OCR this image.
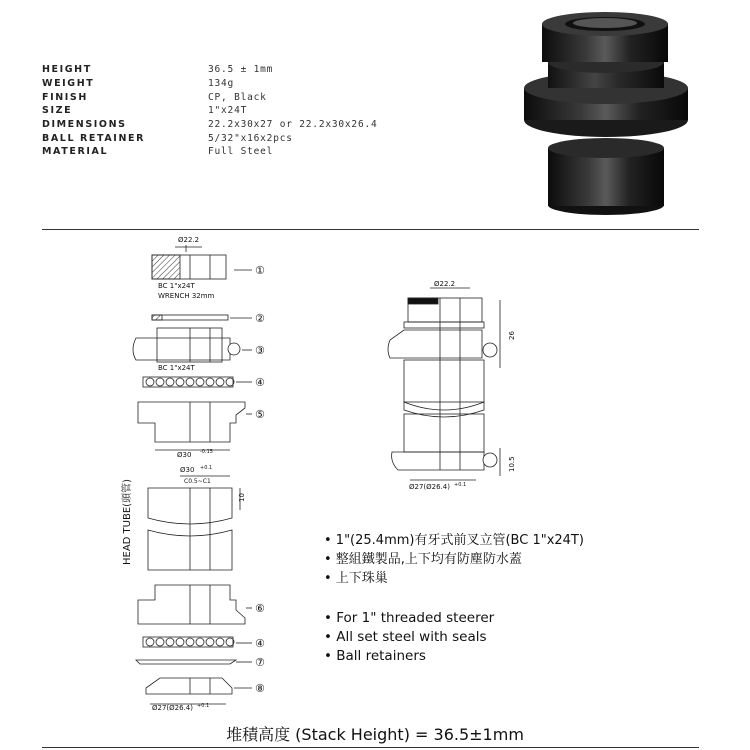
HEIGHT	36.5 ± 1mm
WEIGHT	134g
FINISH	CP, Black
SIZE	1"x24T
DIMENSIONS	22.2x30x27 or 22.2x30x26.4
BALL RETAINER	5/32"x16x2pcs
MATERIAL	Full Steel
Ø22.2
BC 1"x24T
WRENCH 32mm
BC 1"x24T
Ø30 -0.15
Ø30 +0.1
C0.5~C1
10
Ø27(Ø26.4) +0.1
①
②
③
④
⑤
⑥
④
⑦
⑧
Ø22.2
26
10.5
Ø27(Ø26.4) +0.1
HEAD TUBE(頭管)	• 1"(25.4mm)有牙式前叉立管(BC 1"x24T)
• 整組鐵製品,上下均有防塵防水蓋
• 上下珠巢
• For 1" threaded steerer
• All set steel with seals
• Ball retainers
堆積高度 (Stack Height) = 36.5±1mm
